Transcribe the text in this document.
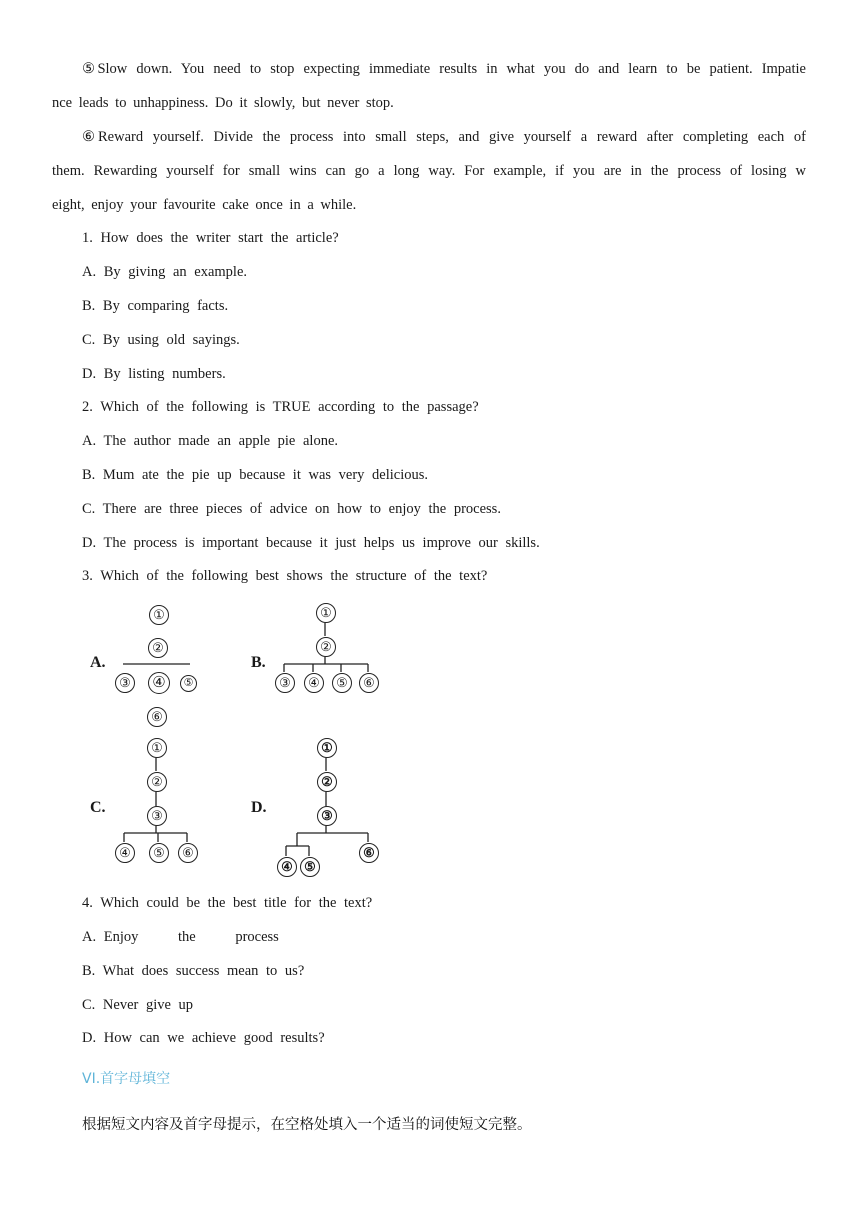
⑤Slow down. You need to stop expecting immediate results in what you do and learn to be patient. Impatie
nce leads to unhappiness. Do it slowly, but never stop.
⑥Reward yourself. Divide the process into small steps, and give yourself a reward after completing each of
them. Rewarding yourself for small wins can go a long way. For example, if you are in the process of losing w
eight, enjoy your favourite cake once in a while.
1. How does the writer start the article?
A. By giving an example.
B. By comparing facts.
C. By using old sayings.
D. By listing numbers.
2. Which of the following is TRUE according to the passage?
A. The author made an apple pie alone.
B. Mum ate the pie up because it was very delicious.
C. There are three pieces of advice on how to enjoy the process.
D. The process is important because it just helps us improve our skills.
3. Which of the following best shows the structure of the text?
A.
①
②
③ ④	⑤
⑥
B.
①
②
③	④	⑤	⑥
C.
①
②
③
④	⑤	⑥
D.
①
②
③
④ ⑤
⑥
4. Which could be the best title for the text?
A. Enjoy	the	process
B. What does success mean to us?
C. Never give up
D. How can we achieve good results?
VI.首字母填空
根据短文内容及首字母提示，在空格处填入一个适当的词使短文完整。
